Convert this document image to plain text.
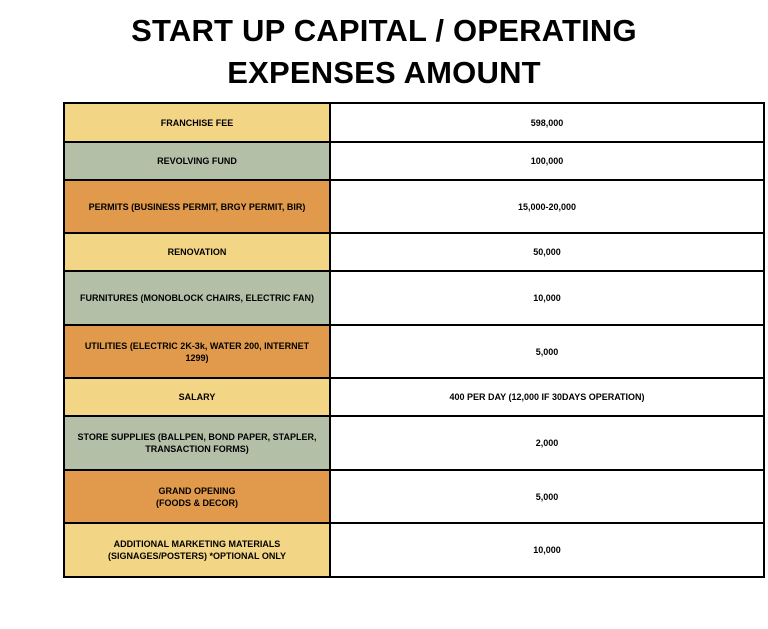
START UP CAPITAL / OPERATING
EXPENSES AMOUNT
FRANCHISE FEE	598,000
REVOLVING FUND	100,000
PERMITS (BUSINESS PERMIT, BRGY PERMIT, BIR)	15,000-20,000
RENOVATION	50,000
FURNITURES (MONOBLOCK CHAIRS, ELECTRIC FAN)	10,000
UTILITIES (ELECTRIC 2K-3k, WATER 200, INTERNET
1299)	5,000
SALARY	400 PER DAY (12,000 IF 30DAYS OPERATION)
STORE SUPPLIES (BALLPEN, BOND PAPER, STAPLER,
TRANSACTION FORMS)	2,000
GRAND OPENING
(FOODS & DECOR)	5,000
ADDITIONAL MARKETING MATERIALS
(SIGNAGES/POSTERS) *OPTIONAL ONLY	10,000
